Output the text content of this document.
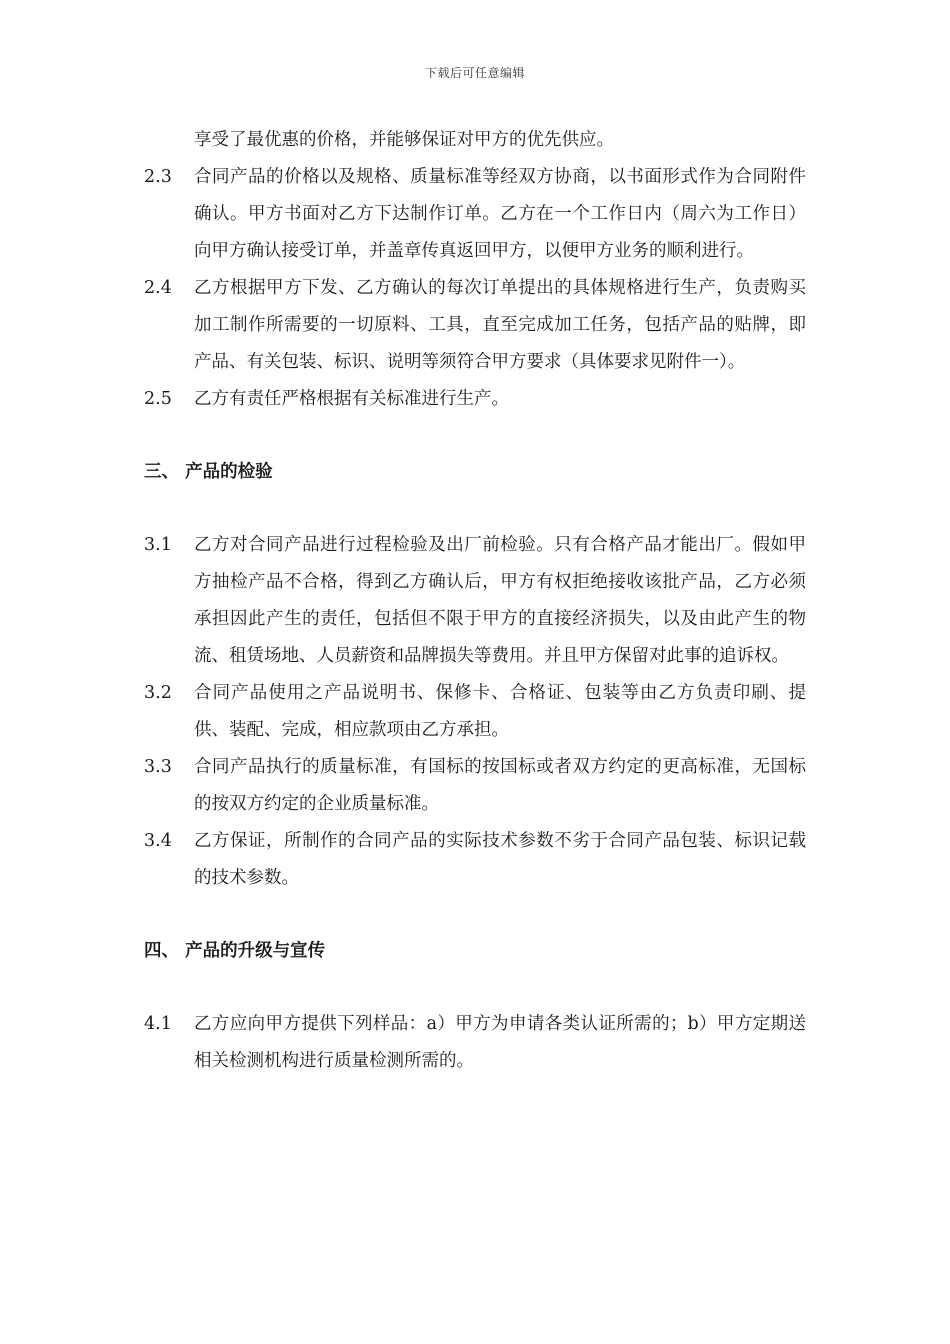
下载后可任意编辑

享受了最优惠的价格，并能够保证对甲方的优先供应。

2.3	合同产品的价格以及规格、质量标准等经双方协商，以书面形式作为合同附件确认。甲方书面对乙方下达制作订单。乙方在一个工作日内（周六为工作日）向甲方确认接受订单，并盖章传真返回甲方，以便甲方业务的顺利进行。
2.4	乙方根据甲方下发、乙方确认的每次订单提出的具体规格进行生产，负责购买加工制作所需要的一切原料、工具，直至完成加工任务，包括产品的贴牌，即产品、有关包装、标识、说明等须符合甲方要求（具体要求见附件一）。
2.5	乙方有责任严格根据有关标准进行生产。

三、 产品的检验

3.1	乙方对合同产品进行过程检验及出厂前检验。只有合格产品才能出厂。假如甲方抽检产品不合格，得到乙方确认后，甲方有权拒绝接收该批产品，乙方必须承担因此产生的责任，包括但不限于甲方的直接经济损失，以及由此产生的物流、租赁场地、人员薪资和品牌损失等费用。并且甲方保留对此事的追诉权。
3.2	合同产品使用之产品说明书、保修卡、合格证、包装等由乙方负责印刷、提供、装配、完成，相应款项由乙方承担。
3.3	合同产品执行的质量标准，有国标的按国标或者双方约定的更高标准，无国标的按双方约定的企业质量标准。
3.4	乙方保证，所制作的合同产品的实际技术参数不劣于合同产品包装、标识记载的技术参数。

四、 产品的升级与宣传

4.1	乙方应向甲方提供下列样品：a）甲方为申请各类认证所需的；b）甲方定期送相关检测机构进行质量检测所需的。
